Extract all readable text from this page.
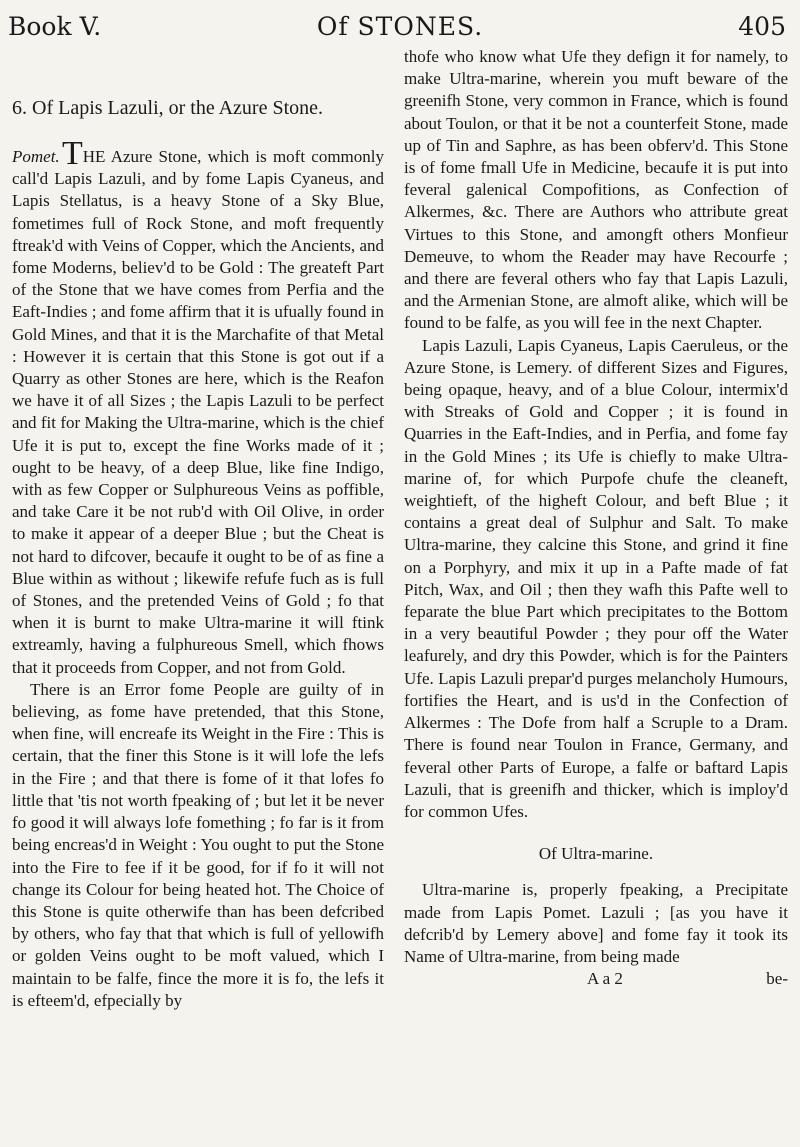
Book V.	Of STONES.	405
6. Of Lapis Lazuli, or the Azure Stone.

Pomet.THE Azure Stone, which is moft commonly call'd Lapis Lazuli, and by fome Lapis Cyaneus, and Lapis Stellatus, is a heavy Stone of a Sky Blue, fometimes full of Rock Stone, and moft frequently ftreak'd with Veins of Copper, which the Ancients, and fome Moderns, believ'd to be Gold : The greateft Part of the Stone that we have comes from Perfia and the Eaft-Indies ; and fome affirm that it is ufually found in Gold Mines, and that it is the Marchafite of that Metal : However it is certain that this Stone is got out if a Quarry as other Stones are here, which is the Reafon we have it of all Sizes ; the Lapis Lazuli to be perfect and fit for Making the Ultra-marine, which is the chief Ufe it is put to, except the fine Works made of it ; ought to be heavy, of a deep Blue, like fine Indigo, with as few Copper or Sulphureous Veins as poffible, and take Care it be not rub'd with Oil Olive, in order to make it appear of a deeper Blue ; but the Cheat is not hard to difcover, becaufe it ought to be of as fine a Blue within as without ; likewife refufe fuch as is full of Stones, and the pretended Veins of Gold ; fo that when it is burnt to make Ultra-marine it will ftink extreamly, having a fulphureous Smell, which fhows that it proceeds from Copper, and not from Gold.

There is an Error fome People are guilty of in believing, as fome have pretended, that this Stone, when fine, will encreafe its Weight in the Fire : This is certain, that the finer this Stone is it will lofe the lefs in the Fire ; and that there is fome of it that lofes fo little that 'tis not worth fpeaking of ; but let it be never fo good it will always lofe fomething ; fo far is it from being encreas'd in Weight : You ought to put the Stone into the Fire to fee if it be good, for if fo it will not change its Colour for being heated hot. The Choice of this Stone is quite otherwife than has been defcribed by others, who fay that that which is full of yellowifh or golden Veins ought to be moft valued, which I maintain to be falfe, fince the more it is fo, the lefs it is efteem'd, efpecially by

thofe who know what Ufe they defign it for namely, to make Ultra-marine, wherein you muft beware of the greenifh Stone, very common in France, which is found about Toulon, or that it be not a counterfeit Stone, made up of Tin and Saphre, as has been obferv'd. This Stone is of fome fmall Ufe in Medicine, becaufe it is put into feveral galenical Compofitions, as Confection of Alkermes, &c. There are Authors who attribute great Virtues to this Stone, and amongft others Monfieur Demeuve, to whom the Reader may have Recourfe ; and there are feveral others who fay that Lapis Lazuli, and the Armenian Stone, are almoft alike, which will be found to be falfe, as you will fee in the next Chapter.

Lapis Lazuli, Lapis Cyaneus, Lapis Caeruleus, or the Azure Stone, is Lemery. of different Sizes and Figures, being opaque, heavy, and of a blue Colour, intermix'd with Streaks of Gold and Copper ; it is found in Quarries in the Eaft-Indies, and in Perfia, and fome fay in the Gold Mines ; its Ufe is chiefly to make Ultra-marine of, for which Purpofe chufe the cleaneft, weightieft, of the higheft Colour, and beft Blue ; it contains a great deal of Sulphur and Salt. To make Ultra-marine, they calcine this Stone, and grind it fine on a Porphyry, and mix it up in a Pafte made of fat Pitch, Wax, and Oil ; then they wafh this Pafte well to feparate the blue Part which precipitates to the Bottom in a very beautiful Powder ; they pour off the Water leafurely, and dry this Powder, which is for the Painters Ufe. Lapis Lazuli prepar'd purges melancholy Humours, fortifies the Heart, and is us'd in the Confection of Alkermes : The Dofe from half a Scruple to a Dram. There is found near Toulon in France, Germany, and feveral other Parts of Europe, a falfe or baftard Lapis Lazuli, that is greenifh and thicker, which is imploy'd for common Ufes.

Of Ultra-marine.

Ultra-marine is, properly fpeaking, a Precipitate made from Lapis Pomet. Lazuli ; [as you have it defcrib'd by Lemery above] and fome fay it took its Name of Ultra-marine, from being made

A a 2	be-
